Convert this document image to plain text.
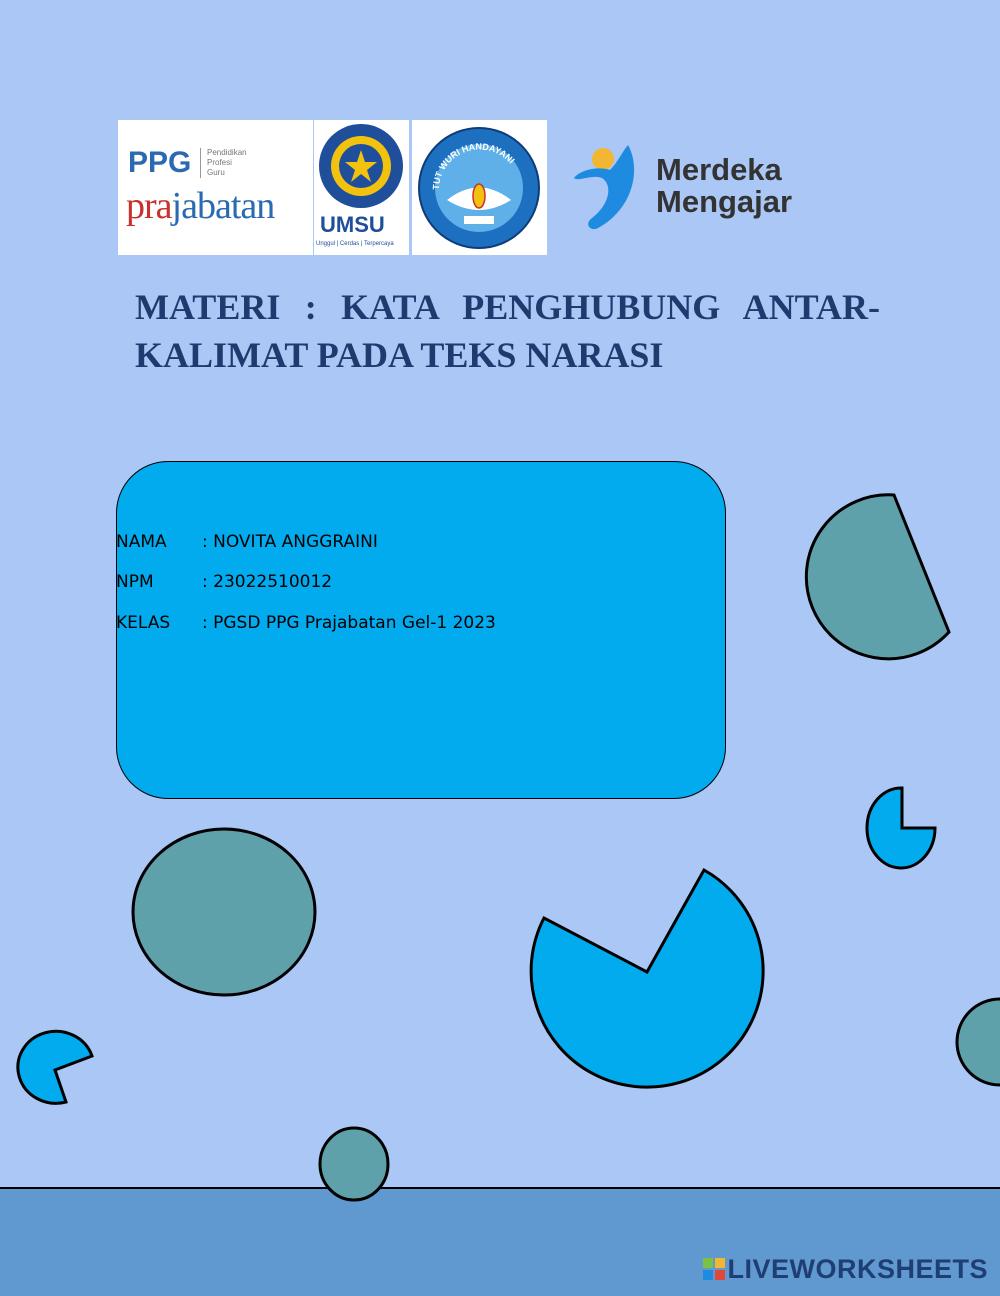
PPG	Pendidikan
Profesi
Guru
prajabatan UMSU
Unggul | Cerdas | Terpercaya
TUT WURI HANDAYANI	Merdeka
Mengajar
MATERI : KATA PENGHUBUNG ANTAR-KALIMAT PADA TEKS NARASI
NAMA : NOVITA ANGGRAINI
NPM	: 23022510012
KELAS : PGSD PPG Prajabatan Gel-1 2023
LIVEWORKSHEETS
